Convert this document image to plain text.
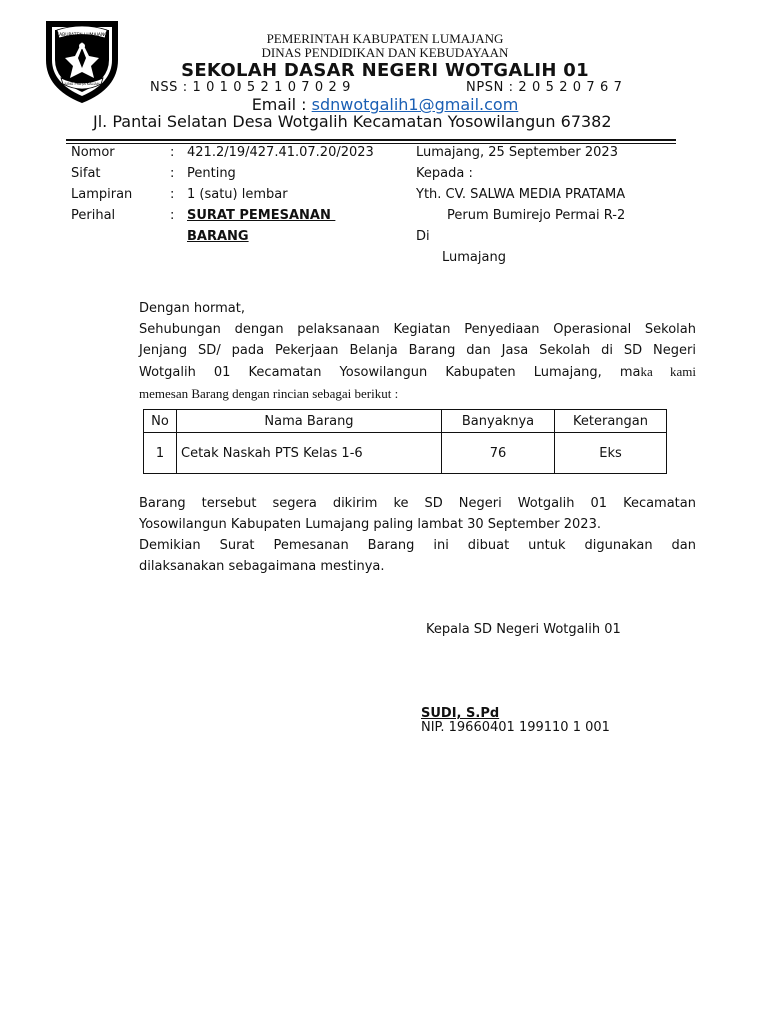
KABUPATEN LUMAJANG
JUNG PRA JA KALIAH
PEMERINTAH KABUPATEN LUMAJANG
DINAS PENDIDIKAN DAN KEBUDAYAAN
SEKOLAH DASAR NEGERI WOTGALIH 01
NSS : 1 0 1 0 5 2 1 0 7 0 2 9	NPSN : 2 0 5 2 0 7 6 7
Email : sdnwotgalih1@gmail.com
Jl. Pantai Selatan Desa Wotgalih Kecamatan Yosowilangun 67382
Nomor	: 421.2/19/427.41.07.20/2023
Sifat	: Penting
Lampiran	: 1 (satu) lembar
Perihal	: SURAT PEMESANAN
BARANG
Lumajang, 25 September 2023
Kepada :
Yth. CV. SALWA MEDIA PRATAMA
Perum Bumirejo Permai R-2
Di
Lumajang
Dengan hormat,
Sehubungan dengan pelaksanaan Kegiatan Penyediaan Operasional Sekolah
Jenjang SD/ pada Pekerjaan Belanja Barang dan Jasa Sekolah di SD Negeri
Wotgalih 01 Kecamatan Yosowilangun Kabupaten Lumajang, maka kami
memesan Barang dengan rincian sebagai berikut :
No	Nama Barang	Banyaknya	Keterangan
1	Cetak Naskah PTS Kelas 1-6	76	Eks
Barang tersebut segera dikirim ke SD Negeri Wotgalih 01 Kecamatan
Yosowilangun Kabupaten Lumajang paling lambat 30 September 2023.
Demikian Surat Pemesanan Barang ini dibuat untuk digunakan dan
dilaksanakan sebagaimana mestinya.
Kepala SD Negeri Wotgalih 01
SUDI, S.Pd
NIP. 19660401 199110 1 001
